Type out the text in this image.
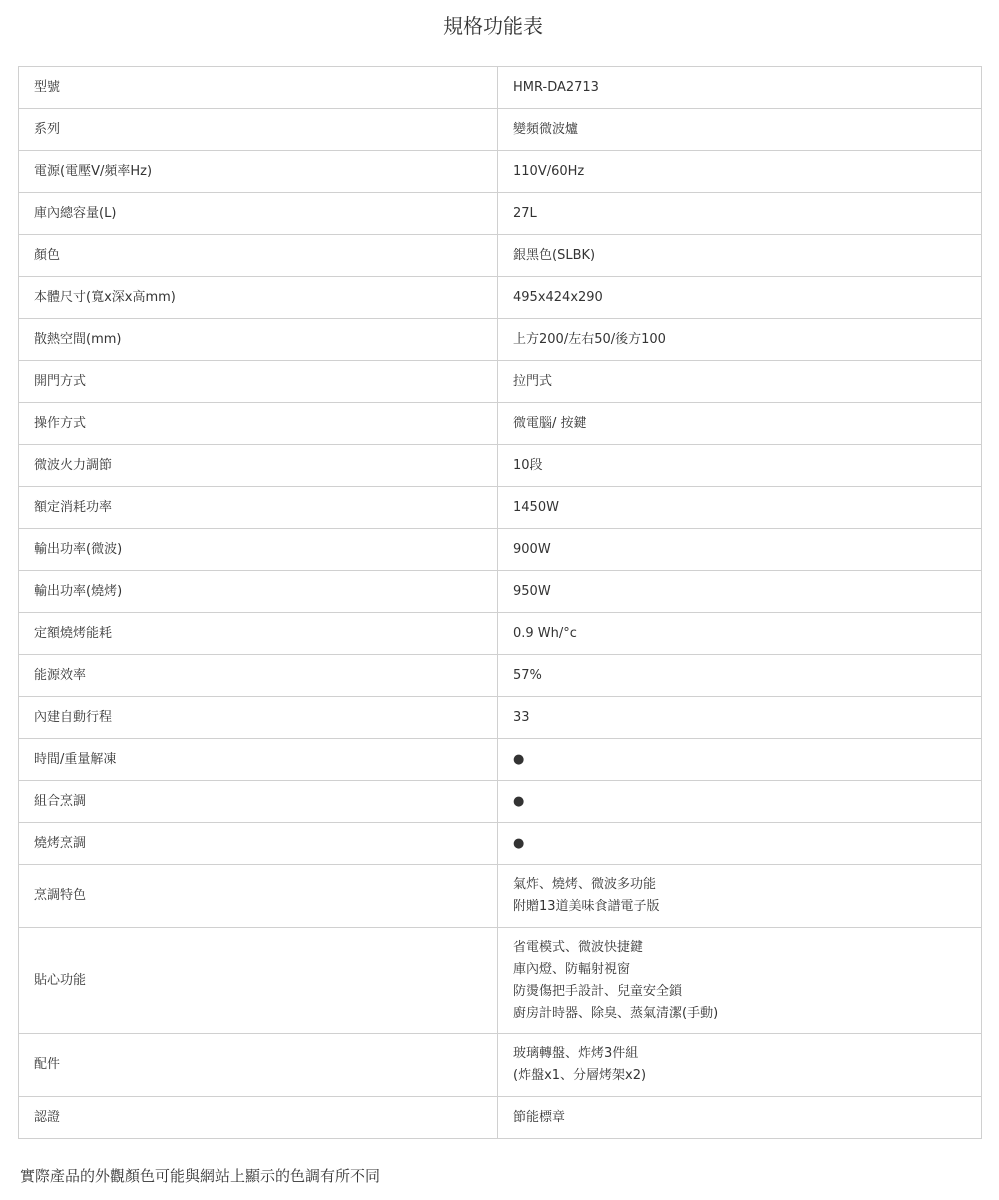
規格功能表
型號	HMR-DA2713

系列	變頻微波爐

電源(電壓V/頻率Hz)	110V/60Hz

庫內總容量(L)	27L

顏色	銀黑色(SLBK)

本體尺寸(寬x深x高mm)	495x424x290

散熱空間(mm)	上方200/左右50/後方100

開門方式	拉門式

操作方式	微電腦/ 按鍵

微波火力調節	10段

額定消耗功率	1450W

輸出功率(微波)	900W

輸出功率(燒烤)	950W

定額燒烤能耗	0.9 Wh/°c

能源效率	57%

內建自動行程	33

時間/重量解凍	●

組合烹調	●

燒烤烹調	●

烹調特色	氣炸、燒烤、微波多功能
附贈13道美味食譜電子版

貼心功能	省電模式、微波快捷鍵
庫內燈、防輻射視窗
防燙傷把手設計、兒童安全鎖
廚房計時器、除臭、蒸氣清潔(手動)

配件	玻璃轉盤、炸烤3件組
(炸盤x1、分層烤架x2)

認證	節能標章
實際產品的外觀顏色可能與網站上顯示的色調有所不同
